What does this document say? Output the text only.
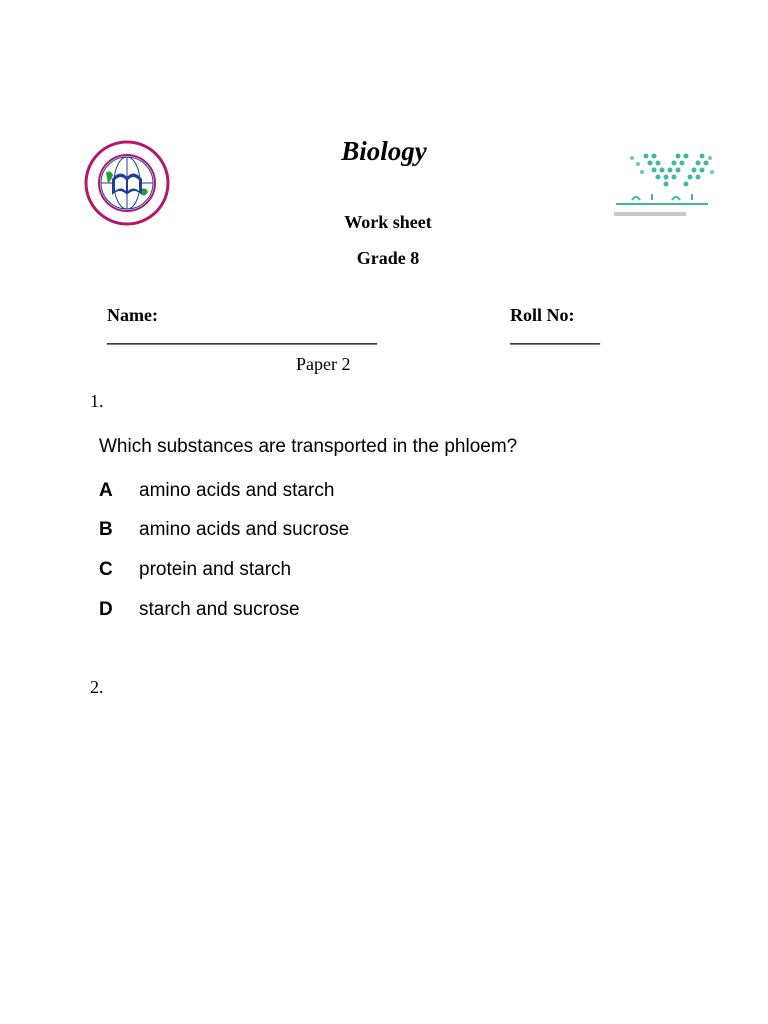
Biology
Work sheet
Grade 8

Name:
______________________________

Roll No:
__________

Paper 2
1.
Which substances are transported in the phloem?
A amino acids and starch
B amino acids and sucrose
C protein and starch
D starch and sucrose
2.
